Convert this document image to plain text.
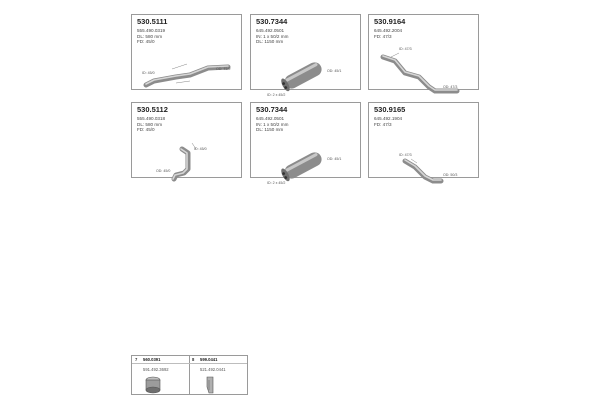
530.5111
555.490.0319
DL: 580 mm
FD: 45/0
ID: 45/0
OD: 45/0
530.7344
645.492.0501
IN: 1 x 50/2 mm
DL: 1150 mm
OD: 45/1
ID: 2 x 45/2
530.9164
645.492.2004
FD: 47/3
ID: 47/3
OD: 47/3
530.5112
555.490.0318
DL: 580 mm
FD: 45/0
ID: 45/0
OD: 45/0
530.7344
645.492.0501
IN: 1 x 50/2 mm
DL: 1150 mm
OD: 45/1
ID: 2 x 45/2
530.9165
645.492.1904
FD: 47/3
ID: 47/3
OD: 50/3
7 560.0391
591.492.3692
8 599.0441
521.492.0441
